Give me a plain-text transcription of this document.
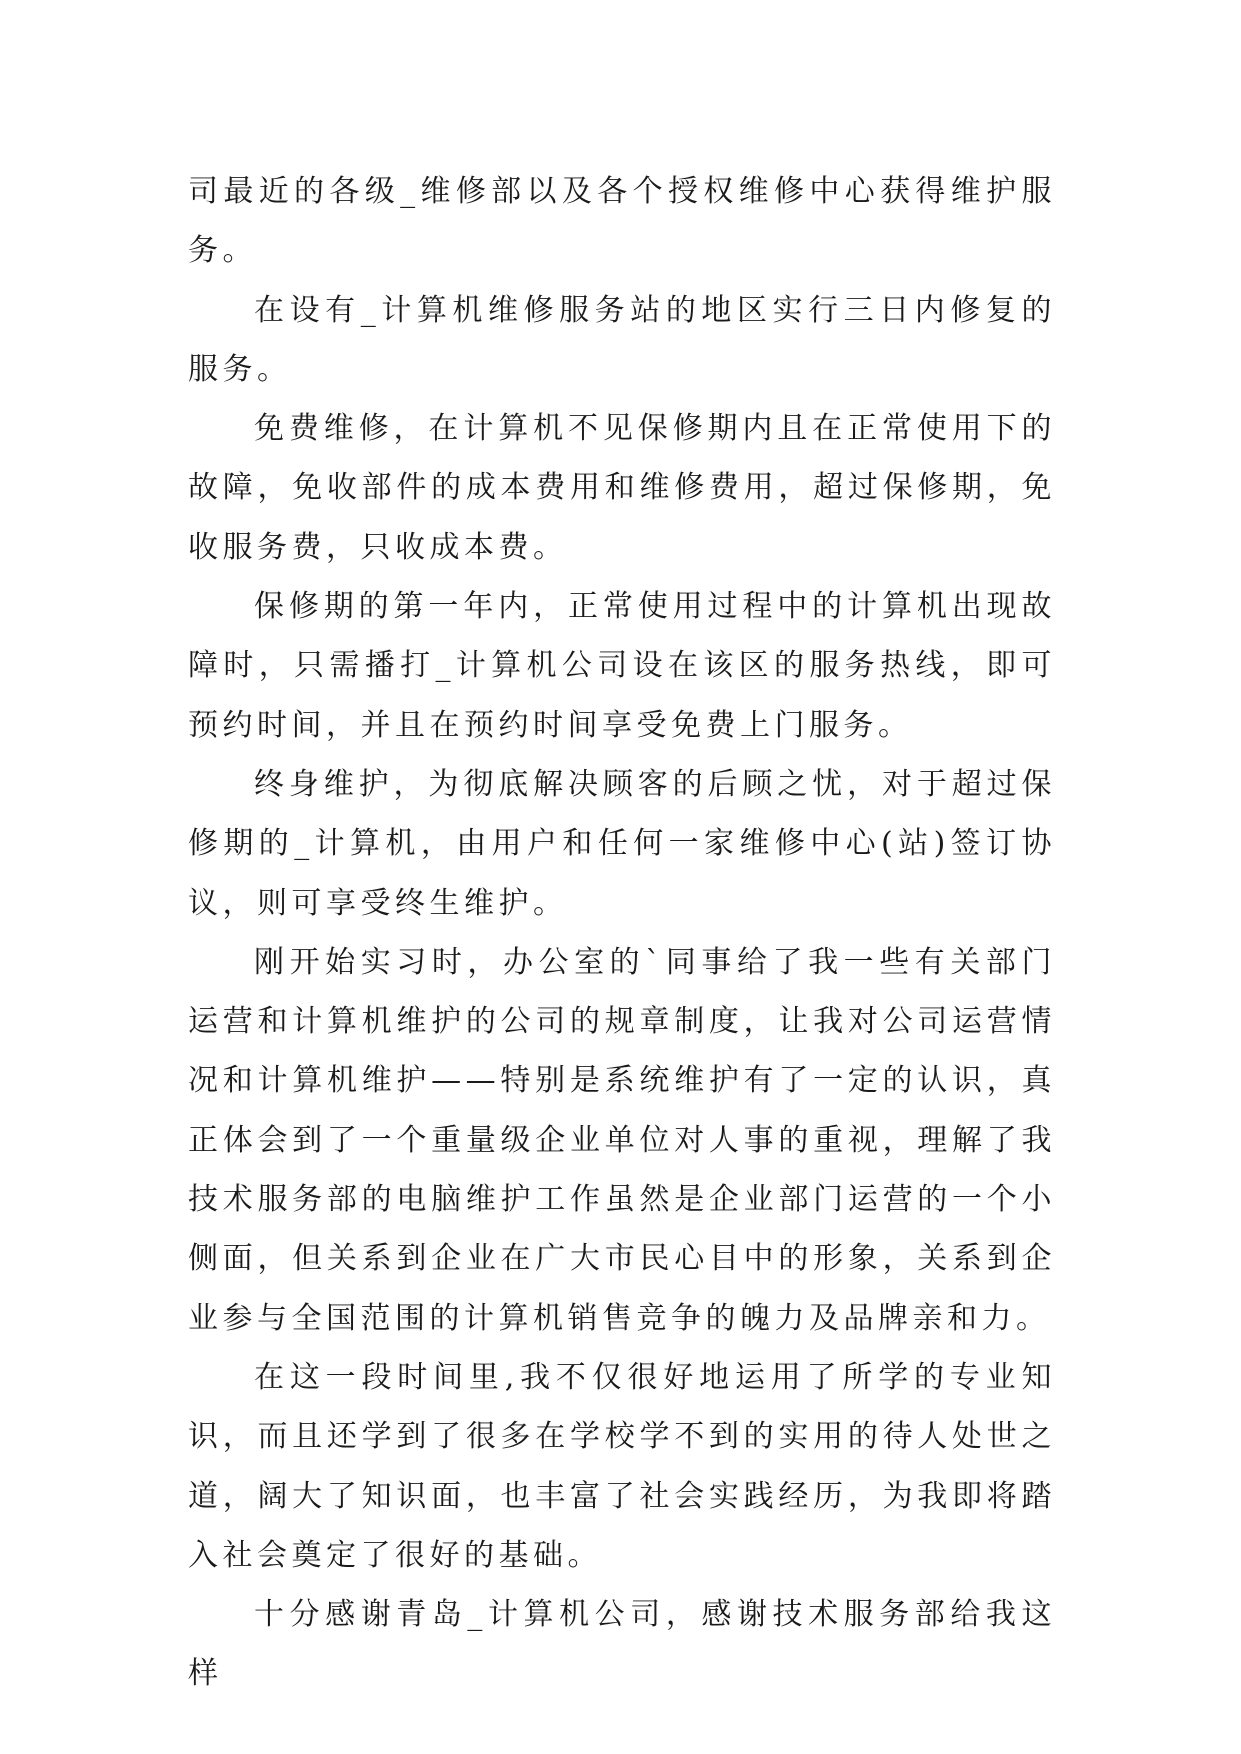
司最近的各级_维修部以及各个授权维修中心获得维护服务。

在设有_计算机维修服务站的地区实行三日内修复的服务。

免费维修，在计算机不见保修期内且在正常使用下的故障，免收部件的成本费用和维修费用，超过保修期，免收服务费，只收成本费。

保修期的第一年内，正常使用过程中的计算机出现故障时，只需播打_计算机公司设在该区的服务热线，即可预约时间，并且在预约时间享受免费上门服务。

终身维护，为彻底解决顾客的后顾之忧，对于超过保修期的_计算机，由用户和任何一家维修中心(站)签订协议，则可享受终生维护。

刚开始实习时，办公室的`同事给了我一些有关部门运营和计算机维护的公司的规章制度，让我对公司运营情况和计算机维护——特别是系统维护有了一定的认识，真正体会到了一个重量级企业单位对人事的重视，理解了我技术服务部的电脑维护工作虽然是企业部门运营的一个小侧面，但关系到企业在广大市民心目中的形象，关系到企业参与全国范围的计算机销售竞争的魄力及品牌亲和力。

在这一段时间里,我不仅很好地运用了所学的专业知识，而且还学到了很多在学校学不到的实用的待人处世之道，阔大了知识面，也丰富了社会实践经历，为我即将踏入社会奠定了很好的基础。

十分感谢青岛_计算机公司，感谢技术服务部给我这样
